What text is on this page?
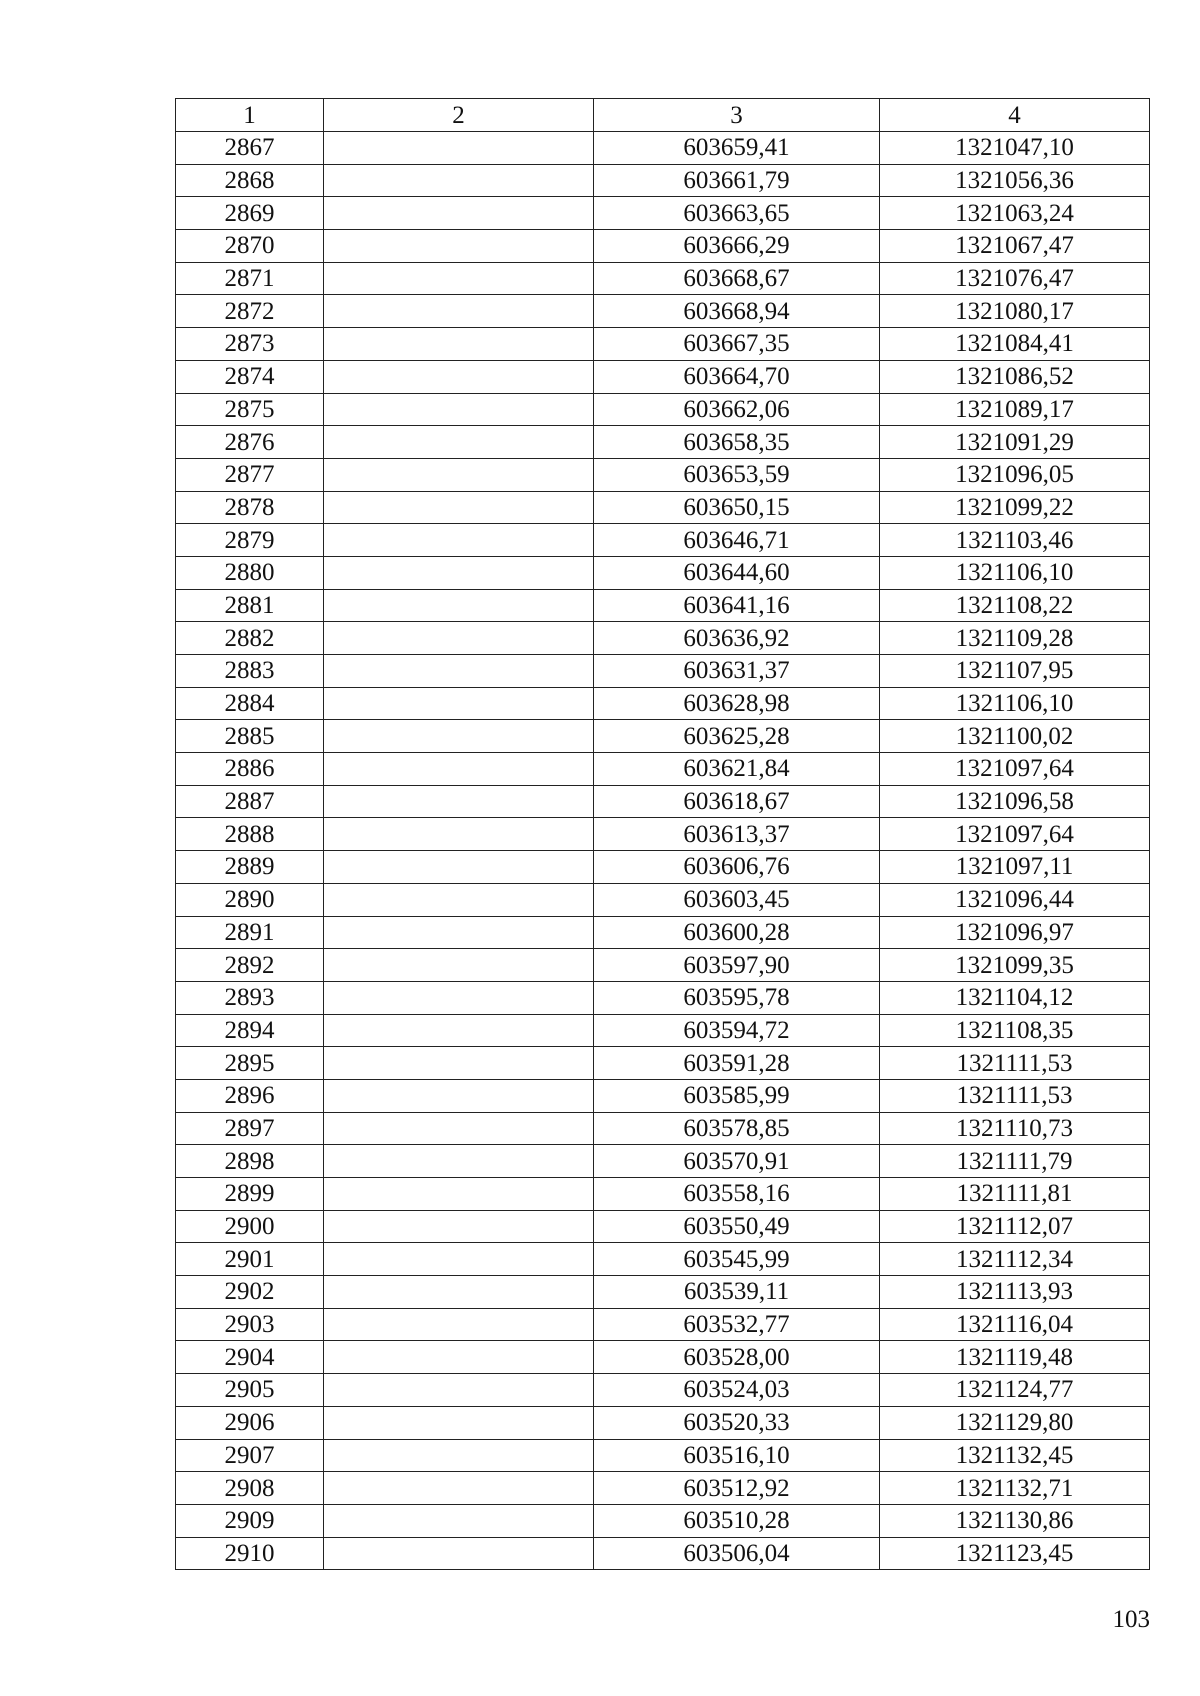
1	2	3	4
2867		603659,41	1321047,10
2868		603661,79	1321056,36
2869		603663,65	1321063,24
2870		603666,29	1321067,47
2871		603668,67	1321076,47
2872		603668,94	1321080,17
2873		603667,35	1321084,41
2874		603664,70	1321086,52
2875		603662,06	1321089,17
2876		603658,35	1321091,29
2877		603653,59	1321096,05
2878		603650,15	1321099,22
2879		603646,71	1321103,46
2880		603644,60	1321106,10
2881		603641,16	1321108,22
2882		603636,92	1321109,28
2883		603631,37	1321107,95
2884		603628,98	1321106,10
2885		603625,28	1321100,02
2886		603621,84	1321097,64
2887		603618,67	1321096,58
2888		603613,37	1321097,64
2889		603606,76	1321097,11
2890		603603,45	1321096,44
2891		603600,28	1321096,97
2892		603597,90	1321099,35
2893		603595,78	1321104,12
2894		603594,72	1321108,35
2895		603591,28	1321111,53
2896		603585,99	1321111,53
2897		603578,85	1321110,73
2898		603570,91	1321111,79
2899		603558,16	1321111,81
2900		603550,49	1321112,07
2901		603545,99	1321112,34
2902		603539,11	1321113,93
2903		603532,77	1321116,04
2904		603528,00	1321119,48
2905		603524,03	1321124,77
2906		603520,33	1321129,80
2907		603516,10	1321132,45
2908		603512,92	1321132,71
2909		603510,28	1321130,86
2910		603506,04	1321123,45
103
